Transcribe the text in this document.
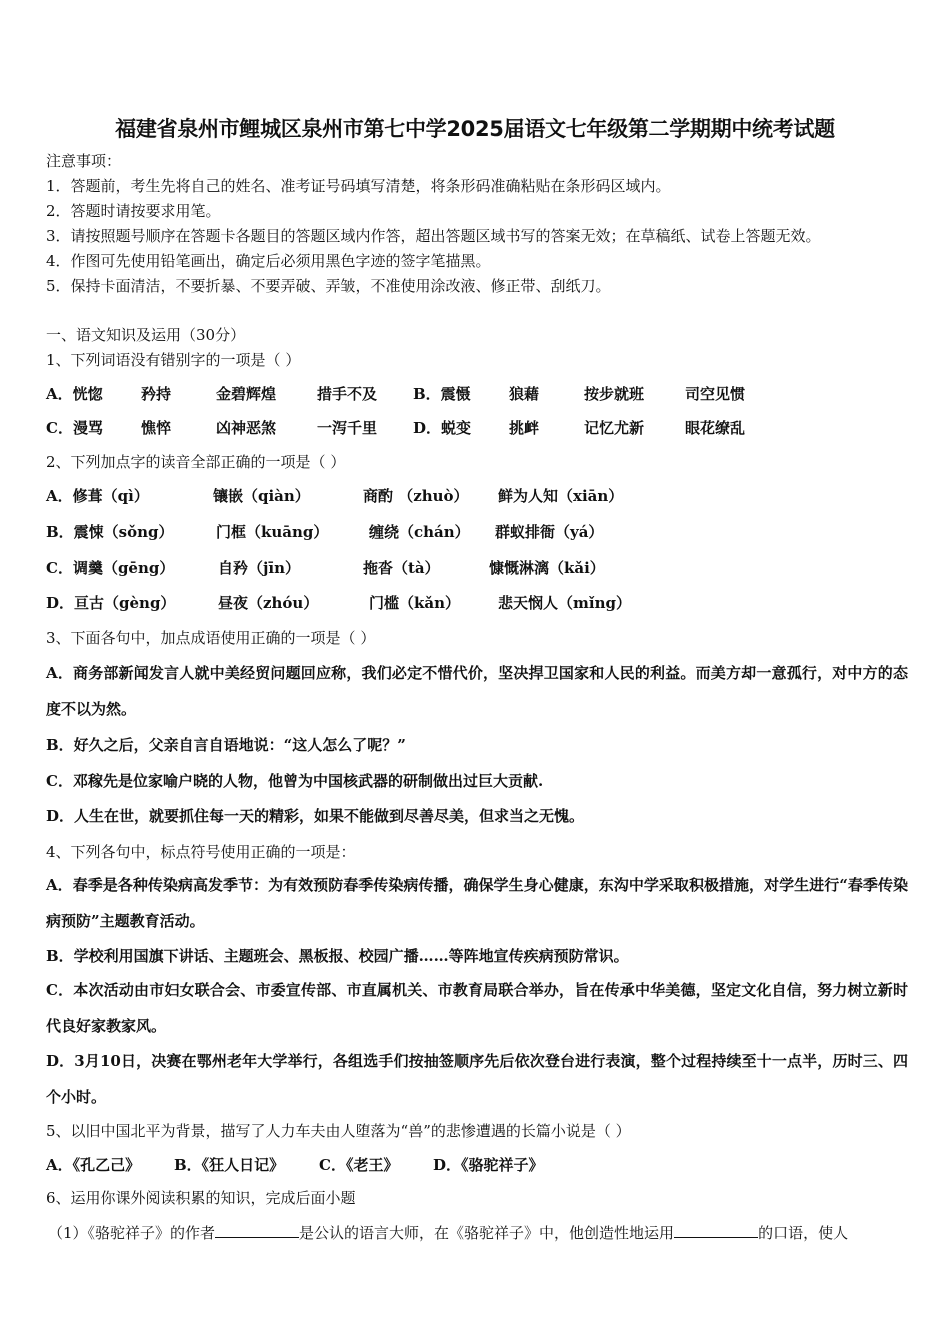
福建省泉州市鲤城区泉州市第七中学2025届语文七年级第二学期期中统考试题
注意事项：
1．答题前，考生先将自己的姓名、准考证号码填写清楚，将条形码准确粘贴在条形码区域内。
2．答题时请按要求用笔。
3．请按照题号顺序在答题卡各题目的答题区域内作答，超出答题区域书写的答案无效；在草稿纸、试卷上答题无效。
4．作图可先使用铅笔画出，确定后必须用黑色字迹的签字笔描黑。
5．保持卡面清洁，不要折暴、不要弄破、弄皱，不准使用涂改液、修正带、刮纸刀。
一、语文知识及运用（30分）
1、下列词语没有错别字的一项是（ ）
A．恍惚	矜持	金碧辉煌	措手不及 B．震慑	狼藉	按步就班	司空见惯
C．漫骂	憔悴	凶神恶煞	一泻千里 D．蜕变	挑衅	记忆尤新	眼花缭乱
2、下列加点字的读音全部正确的一项是（ ）
A．修葺（qì）	镶嵌（qiàn）	商酌 （zhuò） 鲜为人知（xiān）
B．震悚（sǒng）	门框（kuāng）	缠绕（chán） 群蚁排衙（yá）
C．调羹（gēng）	自矜（jīn）	拖沓（tà）	慷慨淋漓（kǎi）
D．亘古（gèng）	昼夜（zhóu）	门槛（kǎn）	悲天悯人（mǐng）
3、下面各句中，加点成语使用正确的一项是（ ）
A．商务部新闻发言人就中美经贸问题回应称，我们必定不惜代价，坚决捍卫国家和人民的利益。而美方却一意孤行，对中方的态度不以为然。
B．好久之后，父亲自言自语地说：“这人怎么了呢？”
C．邓稼先是位家喻户晓的人物，他曾为中国核武器的研制做出过巨大贡献.
D．人生在世，就要抓住每一天的精彩，如果不能做到尽善尽美，但求当之无愧。
4、下列各句中，标点符号使用正确的一项是：
A．春季是各种传染病高发季节：为有效预防春季传染病传播，确保学生身心健康，东沟中学采取积极措施，对学生进行“春季传染病预防”主题教育活动。
B．学校利用国旗下讲话、主题班会、黑板报、校园广播……等阵地宣传疾病预防常识。
C．本次活动由市妇女联合会、市委宣传部、市直属机关、市教育局联合举办，旨在传承中华美德，坚定文化自信，努力树立新时代良好家教家风。
D．3月10日，决赛在鄂州老年大学举行，各组选手们按抽签顺序先后依次登台进行表演，整个过程持续至十一点半，历时三、四个小时。
5、以旧中国北平为背景，描写了人力车夫由人堕落为“兽”的悲惨遭遇的长篇小说是（ ）
A．《孔乙己》 B．《狂人日记》 C．《老王》 D．《骆驼祥子》
6、运用你课外阅读积累的知识，完成后面小题
（1）《骆驼祥子》的作者	是公认的语言大师，在《骆驼祥子》中，他创造性地运用	的口语，使人
